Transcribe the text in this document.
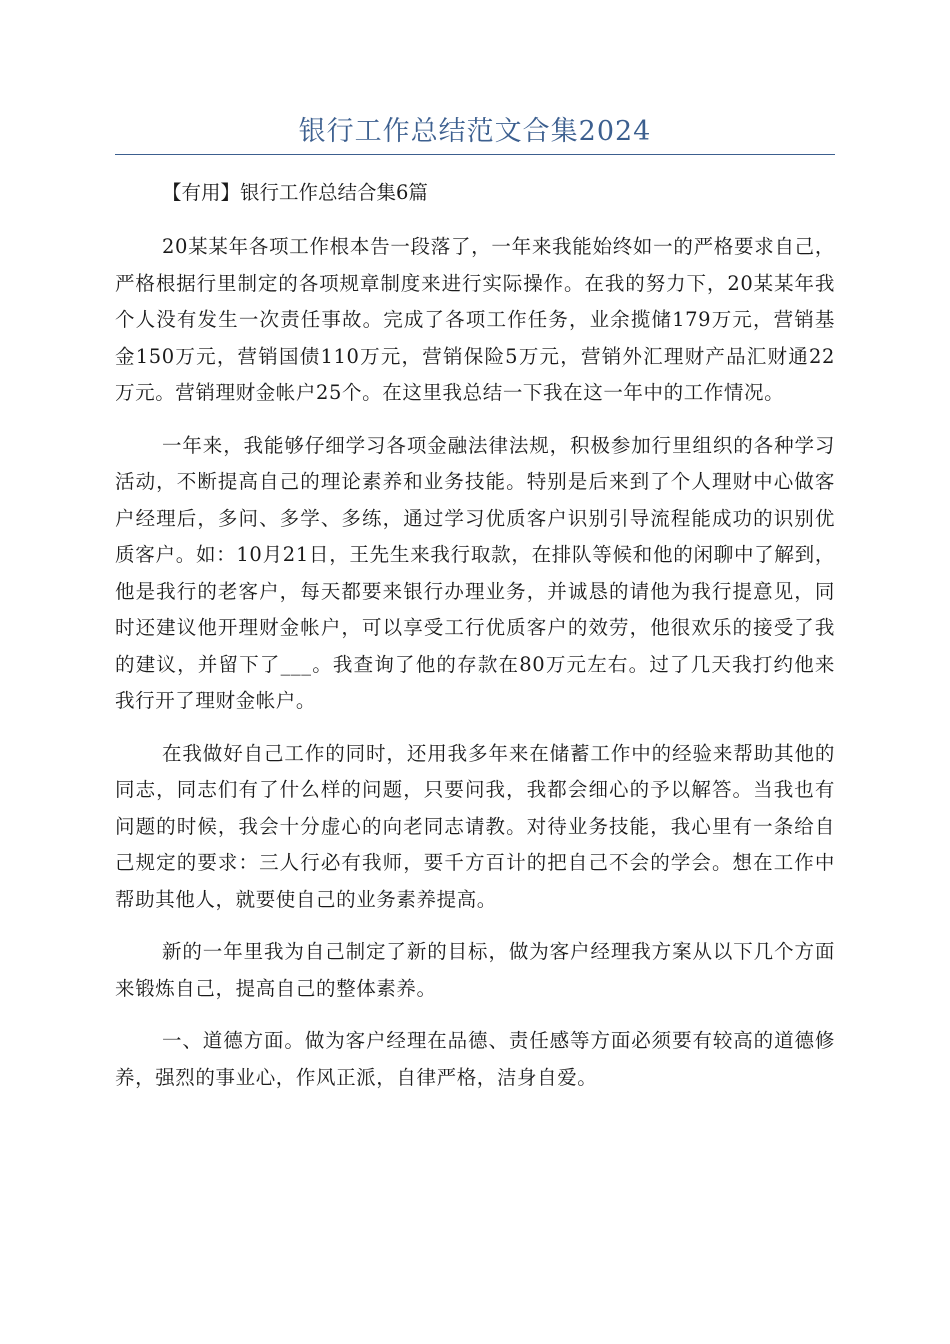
银行工作总结范文合集2024

【有用】银行工作总结合集6篇

20某某年各项工作根本告一段落了，一年来我能始终如一的严格要求自己，严格根据行里制定的各项规章制度来进行实际操作。在我的努力下，20某某年我个人没有发生一次责任事故。完成了各项工作任务，业余揽储179万元，营销基金150万元，营销国债110万元，营销保险5万元，营销外汇理财产品汇财通22万元。营销理财金帐户25个。在这里我总结一下我在这一年中的工作情况。

一年来，我能够仔细学习各项金融法律法规，积极参加行里组织的各种学习活动，不断提高自己的理论素养和业务技能。特别是后来到了个人理财中心做客户经理后，多问、多学、多练，通过学习优质客户识别引导流程能成功的识别优质客户。如：10月21日，王先生来我行取款，在排队等候和他的闲聊中了解到，他是我行的老客户，每天都要来银行办理业务，并诚恳的请他为我行提意见，同时还建议他开理财金帐户，可以享受工行优质客户的效劳，他很欢乐的接受了我的建议，并留下了___。我查询了他的存款在80万元左右。过了几天我打约他来我行开了理财金帐户。

在我做好自己工作的同时，还用我多年来在储蓄工作中的经验来帮助其他的同志，同志们有了什么样的问题，只要问我，我都会细心的予以解答。当我也有问题的时候，我会十分虚心的向老同志请教。对待业务技能，我心里有一条给自己规定的要求：三人行必有我师，要千方百计的把自己不会的学会。想在工作中帮助其他人，就要使自己的业务素养提高。

新的一年里我为自己制定了新的目标，做为客户经理我方案从以下几个方面来锻炼自己，提高自己的整体素养。

一、道德方面。做为客户经理在品德、责任感等方面必须要有较高的道德修养，强烈的事业心，作风正派，自律严格，洁身自爱。
